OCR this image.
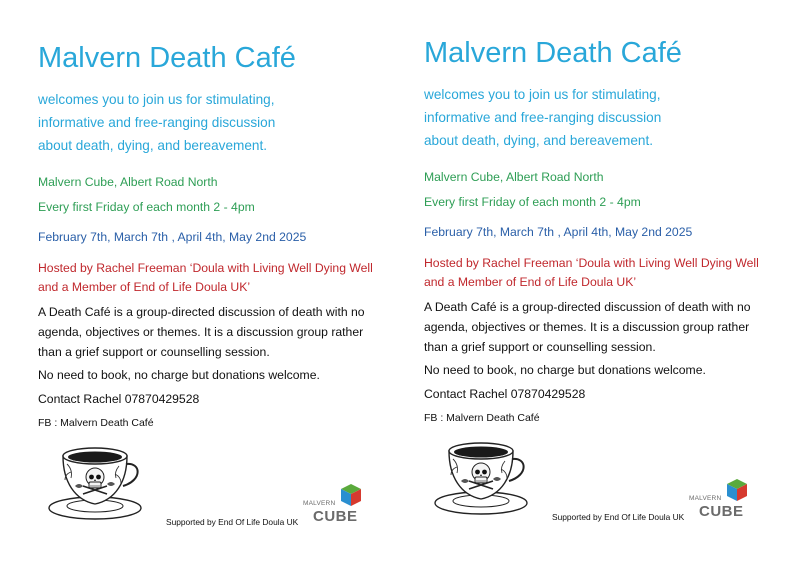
Malvern Death Café
welcomes you to join us for stimulating,
informative and free-ranging discussion
about death, dying, and bereavement.
Malvern Cube, Albert Road North
Every first Friday of each month 2 - 4pm
February 7th, March 7th , April 4th, May 2nd 2025
Hosted by Rachel Freeman ‘Doula with Living Well Dying Well
and a Member of End of Life Doula UK’
A Death Café is a group-directed discussion of death with no
agenda, objectives or themes. It is a discussion group rather
than a grief support or counselling session.
No need to book, no charge but donations welcome.
Contact Rachel 07870429528
FB : Malvern Death Café
Supported by End Of Life Doula UK
MALVERN
CUBE
Malvern Death Café
welcomes you to join us for stimulating,
informative and free-ranging discussion
about death, dying, and bereavement.
Malvern Cube, Albert Road North
Every first Friday of each month 2 - 4pm
February 7th, March 7th , April 4th, May 2nd 2025
Hosted by Rachel Freeman ‘Doula with Living Well Dying Well
and a Member of End of Life Doula UK’
A Death Café is a group-directed discussion of death with no
agenda, objectives or themes. It is a discussion group rather
than a grief support or counselling session.
No need to book, no charge but donations welcome.
Contact Rachel 07870429528
FB : Malvern Death Café
Supported by End Of Life Doula UK
MALVERN
CUBE
